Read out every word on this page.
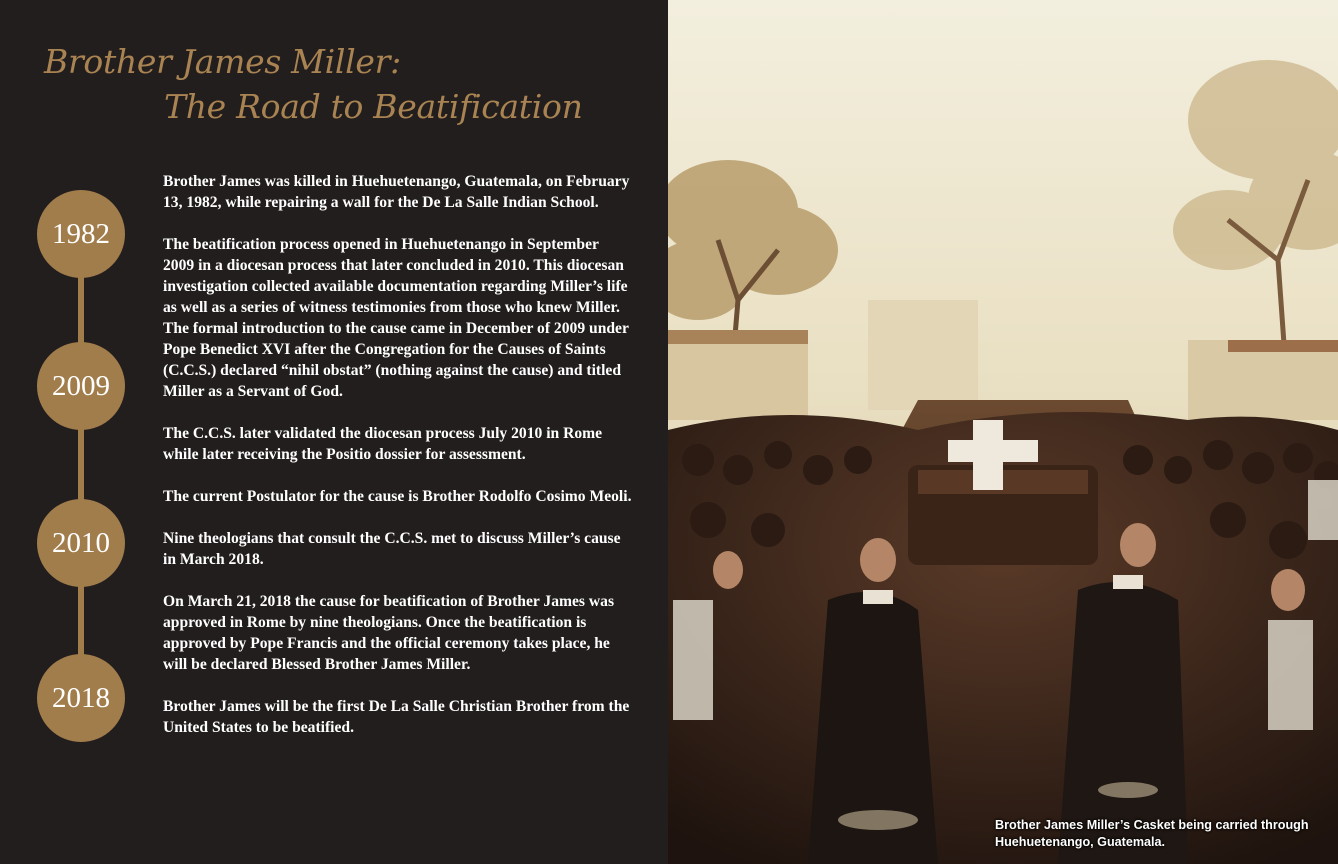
Brother James Miller:
The Road to Beatification
1982
2009
2010
2018

Brother James was killed in Huehuetenango, Guatemala, on February 13, 1982, while repairing a wall for the De La Salle Indian School.

The beatification process opened in Huehuetenango in September 2009 in a diocesan process that later concluded in 2010. This diocesan investigation collected available documentation regarding Miller’s life as well as a series of witness testimonies from those who knew Miller. The formal introduction to the cause came in December of 2009 under Pope Benedict XVI after the Congregation for the Causes of Saints (C.C.S.) declared “nihil obstat” (nothing against the cause) and titled Miller as a Servant of God.

The C.C.S. later validated the diocesan process July 2010 in Rome while later receiving the Positio dossier for assessment.

The current Postulator for the cause is Brother Rodolfo Cosimo Meoli.

Nine theologians that consult the C.C.S. met to discuss Miller’s cause in March 2018.

On March 21, 2018 the cause for beatification of Brother James was approved in Rome by nine theologians. Once the beatification is approved by Pope Francis and the official ceremony takes place, he will be declared Blessed Brother James Miller.

Brother James will be the first De La Salle Christian Brother from the United States to be beatified.

Brother James Miller’s Casket being carried through Huehuetenango, Guatemala.
